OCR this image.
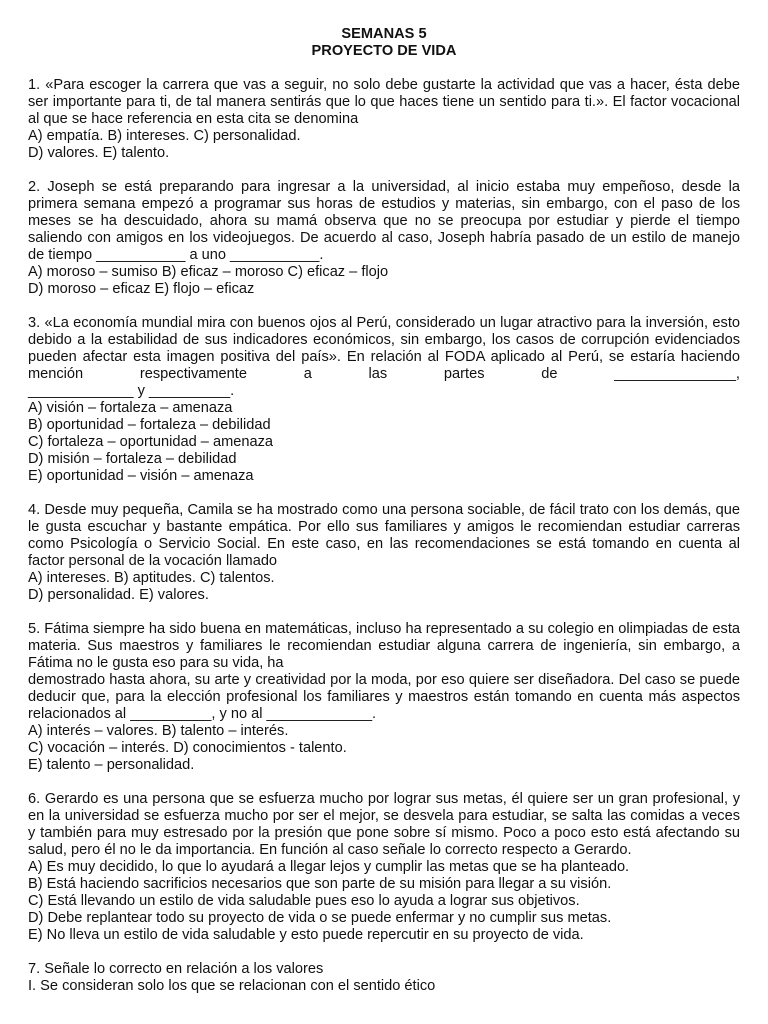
SEMANAS 5
PROYECTO DE VIDA
1. «Para escoger la carrera que vas a seguir, no solo debe gustarte la actividad que vas a hacer, ésta debe ser importante para ti, de tal manera sentirás que lo que haces tiene un sentido para ti.». El factor vocacional al que se hace referencia en esta cita se denomina
A) empatía. B) intereses. C) personalidad.
D) valores. E) talento.
2. Joseph se está preparando para ingresar a la universidad, al inicio estaba muy empeñoso, desde la primera semana empezó a programar sus horas de estudios y materias, sin embargo, con el paso de los meses se ha descuidado, ahora su mamá observa que no se preocupa por estudiar y pierde el tiempo saliendo con amigos en los videojuegos. De acuerdo al caso, Joseph habría pasado de un estilo de manejo de tiempo ___________ a uno ___________.
A) moroso – sumiso B) eficaz – moroso C) eficaz – flojo
D) moroso – eficaz E) flojo – eficaz
3. «La economía mundial mira con buenos ojos al Perú, considerado un lugar atractivo para la inversión, esto debido a la estabilidad de sus indicadores económicos, sin embargo, los casos de corrupción evidenciados pueden afectar esta imagen positiva del país». En relación al FODA aplicado al Perú, se estaría haciendo mención respectivamente a las partes de _______________,
_____________ y __________.
A) visión – fortaleza – amenaza
B) oportunidad – fortaleza – debilidad
C) fortaleza – oportunidad – amenaza
D) misión – fortaleza – debilidad
E) oportunidad – visión – amenaza
4. Desde muy pequeña, Camila se ha mostrado como una persona sociable, de fácil trato con los demás, que le gusta escuchar y bastante empática. Por ello sus familiares y amigos le recomiendan estudiar carreras como Psicología o Servicio Social. En este caso, en las recomendaciones se está tomando en cuenta al factor personal de la vocación llamado
A) intereses. B) aptitudes. C) talentos.
D) personalidad. E) valores.
5. Fátima siempre ha sido buena en matemáticas, incluso ha representado a su colegio en olimpiadas de esta materia. Sus maestros y familiares le recomiendan estudiar alguna carrera de ingeniería, sin embargo, a Fátima no le gusta eso para su vida, ha
demostrado hasta ahora, su arte y creatividad por la moda, por eso quiere ser diseñadora. Del caso se puede deducir que, para la elección profesional los familiares y maestros están tomando en cuenta más aspectos relacionados al __________, y no al _____________.
A) interés – valores. B) talento – interés.
C) vocación – interés. D) conocimientos - talento.
E) talento – personalidad.
6. Gerardo es una persona que se esfuerza mucho por lograr sus metas, él quiere ser un gran profesional, y en la universidad se esfuerza mucho por ser el mejor, se desvela para estudiar, se salta las comidas a veces y también para muy estresado por la presión que pone sobre sí mismo. Poco a poco esto está afectando su salud, pero él no le da importancia. En función al caso señale lo correcto respecto a Gerardo.
A) Es muy decidido, lo que lo ayudará a llegar lejos y cumplir las metas que se ha planteado.
B) Está haciendo sacrificios necesarios que son parte de su misión para llegar a su visión.
C) Está llevando un estilo de vida saludable pues eso lo ayuda a lograr sus objetivos.
D) Debe replantear todo su proyecto de vida o se puede enfermar y no cumplir sus metas.
E) No lleva un estilo de vida saludable y esto puede repercutir en su proyecto de vida.
7. Señale lo correcto en relación a los valores
I. Se consideran solo los que se relacionan con el sentido ético
